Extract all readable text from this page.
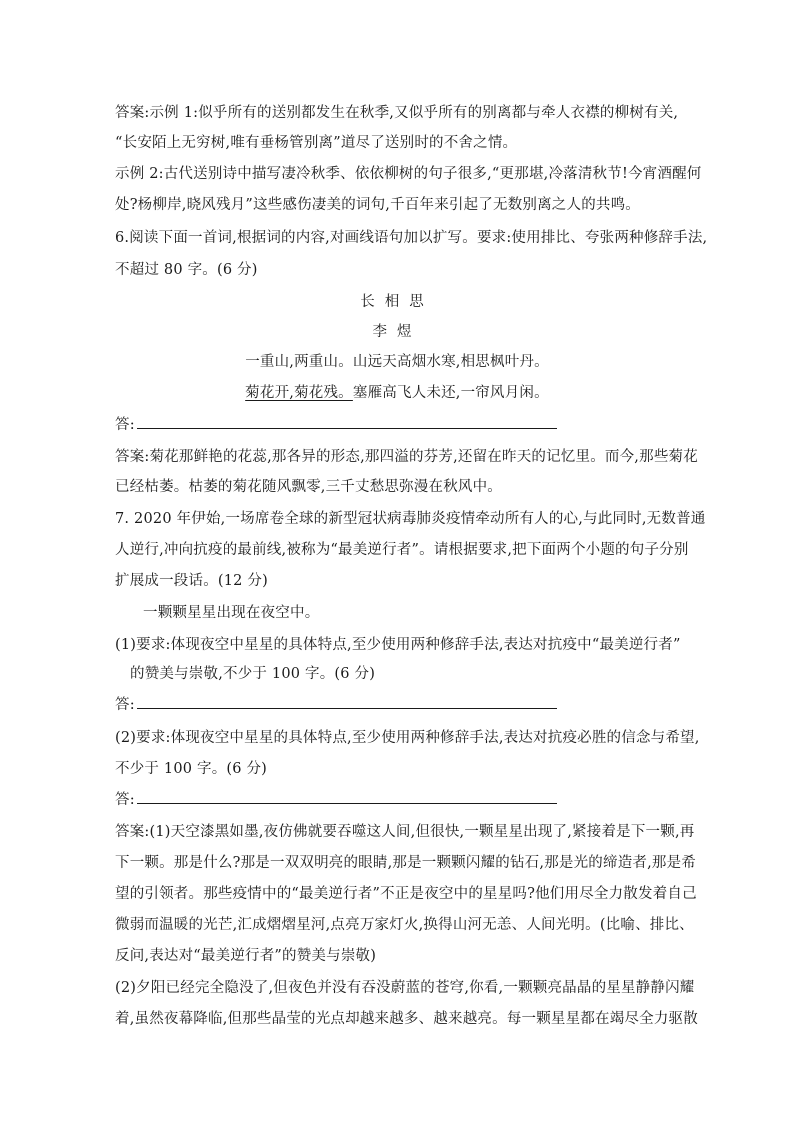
答案:示例 1:似乎所有的送别都发生在秋季,又似乎所有的别离都与牵人衣襟的柳树有关,
“长安陌上无穷树,唯有垂杨管别离”道尽了送别时的不舍之情。
示例 2:古代送别诗中描写凄冷秋季、依依柳树的句子很多,“更那堪,冷落清秋节!今宵酒醒何
处?杨柳岸,晓风残月”这些感伤凄美的词句,千百年来引起了无数别离之人的共鸣。
6.阅读下面一首词,根据词的内容,对画线语句加以扩写。要求:使用排比、夸张两种修辞手法,
不超过 80 字。(6 分)
长相思
李煜
一重山,两重山。山远天高烟水寒,相思枫叶丹。
菊花开,菊花残。塞雁高飞人未还,一帘风月闲。
答:
答案:菊花那鲜艳的花蕊,那各异的形态,那四溢的芬芳,还留在昨天的记忆里。而今,那些菊花
已经枯萎。枯萎的菊花随风飘零,三千丈愁思弥漫在秋风中。
7. 2020 年伊始,一场席卷全球的新型冠状病毒肺炎疫情牵动所有人的心,与此同时,无数普通
人逆行,冲向抗疫的最前线,被称为“最美逆行者”。请根据要求,把下面两个小题的句子分别
扩展成一段话。(12 分)
一颗颗星星出现在夜空中。
(1)要求:体现夜空中星星的具体特点,至少使用两种修辞手法,表达对抗疫中“最美逆行者”
的赞美与崇敬,不少于 100 字。(6 分)
答:
(2)要求:体现夜空中星星的具体特点,至少使用两种修辞手法,表达对抗疫必胜的信念与希望,
不少于 100 字。(6 分)
答:
答案:(1)天空漆黑如墨,夜仿佛就要吞噬这人间,但很快,一颗星星出现了,紧接着是下一颗,再
下一颗。那是什么?那是一双双明亮的眼睛,那是一颗颗闪耀的钻石,那是光的缔造者,那是希
望的引领者。那些疫情中的“最美逆行者”不正是夜空中的星星吗?他们用尽全力散发着自己
微弱而温暖的光芒,汇成熠熠星河,点亮万家灯火,换得山河无恙、人间光明。(比喻、排比、
反问,表达对“最美逆行者”的赞美与崇敬)
(2)夕阳已经完全隐没了,但夜色并没有吞没蔚蓝的苍穹,你看,一颗颗亮晶晶的星星静静闪耀
着,虽然夜幕降临,但那些晶莹的光点却越来越多、越来越亮。每一颗星星都在竭尽全力驱散
